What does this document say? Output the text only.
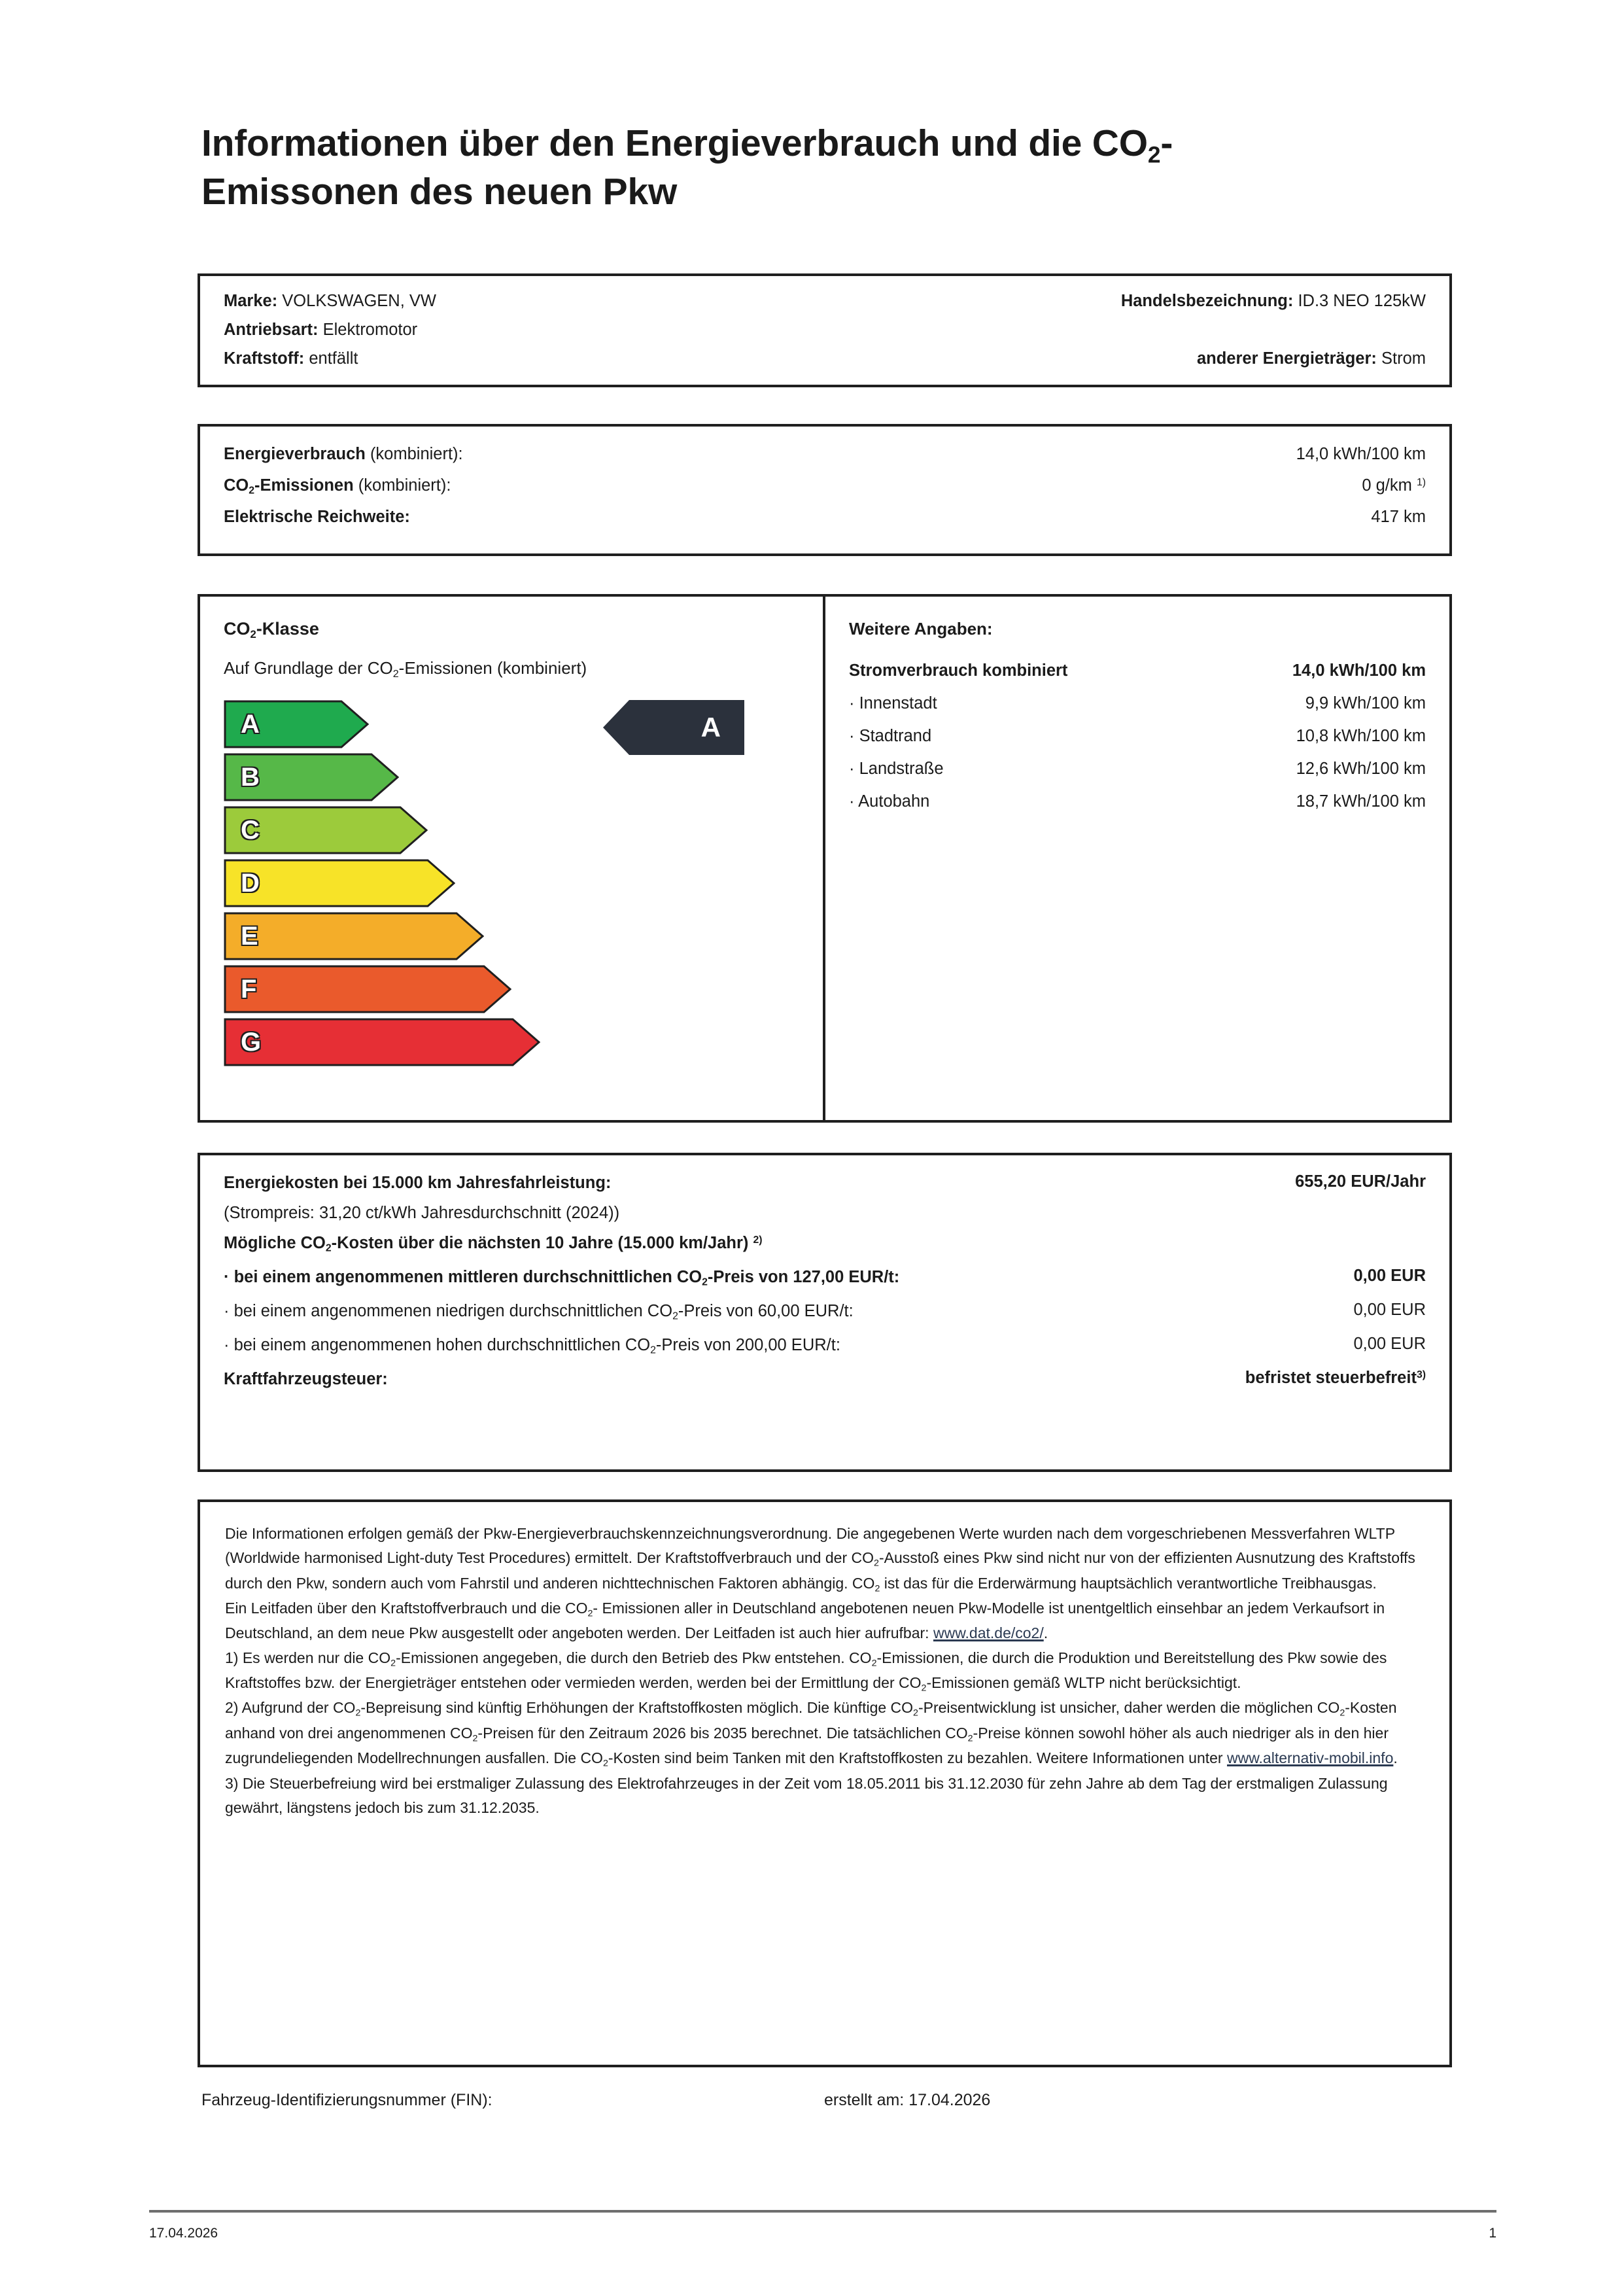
Informationen über den Energieverbrauch und die $CO_2-$
Emissonen des neuen Pkw
Marke: VOLKSWAGEN, VW	Handelsbezeichnung: ID.3 NEO 125kW
Antriebsart: Elektromotor
Kraftstoff: entfällt	anderer Energieträger: Strom
Energieverbrauch (kombiniert):	14,0 kWh/100 km
$CO_2$-Emissionen (kombiniert):	0 g/km $^{1)}$
Elektrische Reichweite:	417 km
$CO_2$-Klasse
Auf Grundlage der $CO_2$-Emissionen (kombiniert)
A
B
C
D
E
F
G
A
Weitere Angaben:
Stromverbrauch kombiniert	14,0 kWh/100 km
· Innenstadt	9,9 kWh/100 km
· Stadtrand	10,8 kWh/100 km
· Landstraße	12,6 kWh/100 km
· Autobahn	18,7 kWh/100 km
Energiekosten bei 15.000 km Jahresfahrleistung:	655,20 EUR/Jahr
(Strompreis: 31,20 ct/kWh Jahresdurchschnitt (2024))
Mögliche $CO_2$-Kosten über die nächsten 10 Jahre (15.000 km/Jahr) $^{2)}$
· bei einem angenommenen mittleren durchschnittlichen $CO_2$-Preis von 127,00 EUR/t:	0,00 EUR
· bei einem angenommenen niedrigen durchschnittlichen $CO_2$-Preis von 60,00 EUR/t:	0,00 EUR
· bei einem angenommenen hohen durchschnittlichen $CO_2$-Preis von 200,00 EUR/t:	0,00 EUR
Kraftfahrzeugsteuer:	befristet steuerbefreit$^{3)}$

Die Informationen erfolgen gemäß der Pkw-Energieverbrauchskennzeichnungsverordnung. Die angegebenen Werte wurden nach dem vorgeschriebenen Messverfahren WLTP (Worldwide harmonised Light-duty Test Procedures) ermittelt. Der Kraftstoffverbrauch und der $CO_2$-Ausstoß eines Pkw sind nicht nur von der effizienten Ausnutzung des Kraftstoffs durch den Pkw, sondern auch vom Fahrstil und anderen nichttechnischen Faktoren abhängig. $CO_2$ ist das für die Erderwärmung hauptsächlich verantwortliche Treibhausgas.

Ein Leitfaden über den Kraftstoffverbrauch und die $CO_2-$ Emissionen aller in Deutschland angebotenen neuen Pkw-Modelle ist unentgeltlich einsehbar an jedem Verkaufsort in Deutschland, an dem neue Pkw ausgestellt oder angeboten werden. Der Leitfaden ist auch hier aufrufbar: www.dat.de/co2/.

1) Es werden nur die $CO_2$-Emissionen angegeben, die durch den Betrieb des Pkw entstehen. $CO_2$-Emissionen, die durch die Produktion und Bereitstellung des Pkw sowie des Kraftstoffes bzw. der Energieträger entstehen oder vermieden werden, werden bei der Ermittlung der $CO_2$-Emissionen gemäß WLTP nicht berücksichtigt.

2) Aufgrund der $CO_2$-Bepreisung sind künftig Erhöhungen der Kraftstoffkosten möglich. Die künftige $CO_2$-Preisentwicklung ist unsicher, daher werden die möglichen $CO_2$-Kosten anhand von drei angenommenen $CO_2$-Preisen für den Zeitraum 2026 bis 2035 berechnet. Die tatsächlichen $CO_2$-Preise können sowohl höher als auch niedriger als in den hier zugrundeliegenden Modellrechnungen ausfallen. Die $CO_2$-Kosten sind beim Tanken mit den Kraftstoffkosten zu bezahlen. Weitere Informationen unter www.alternativ-mobil.info.

3) Die Steuerbefreiung wird bei erstmaliger Zulassung des Elektrofahrzeuges in der Zeit vom 18.05.2011 bis 31.12.2030 für zehn Jahre ab dem Tag der erstmaligen Zulassung gewährt, längstens jedoch bis zum 31.12.2035.

Fahrzeug-Identifizierungsnummer (FIN):	erstellt am: 17.04.2026
17.04.2026	1
